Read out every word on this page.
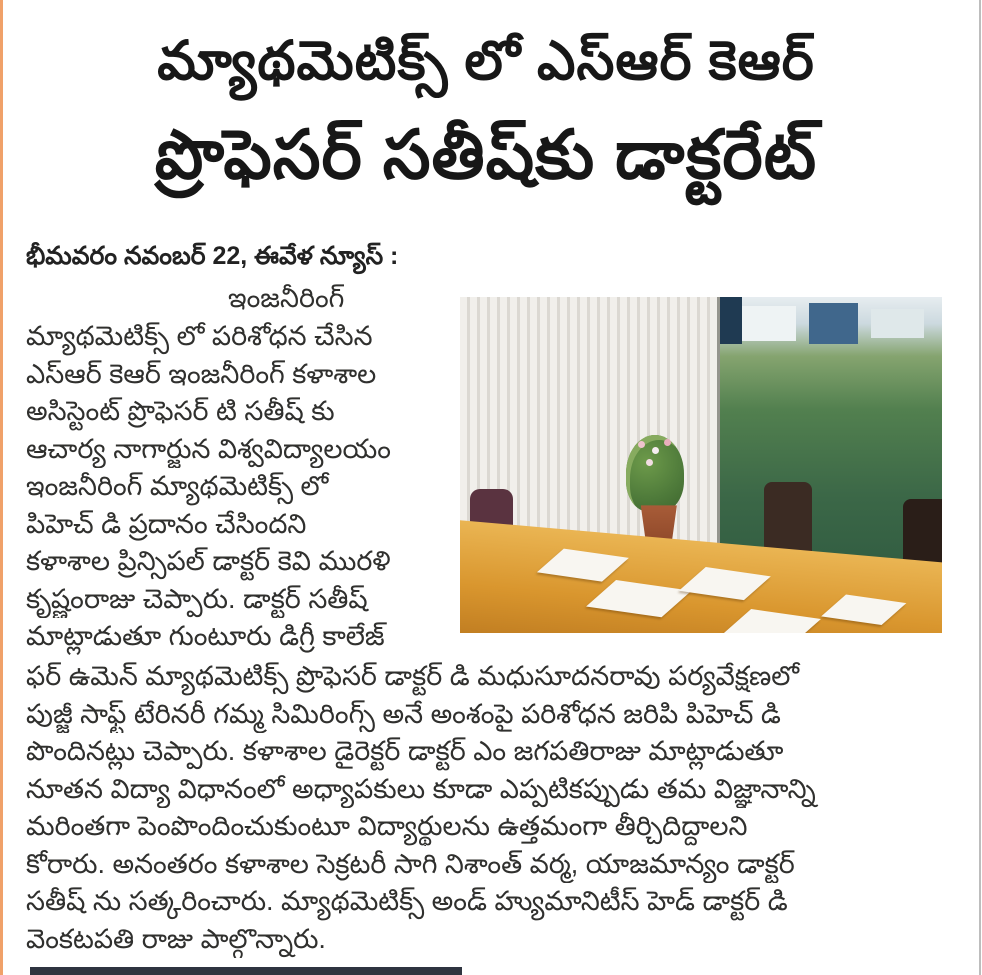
మ్యాథమెటిక్స్ లో ఎస్ఆర్ కెఆర్
ప్రొఫెసర్ సతీష్‌కు డాక్టరేట్
భీమవరం నవంబర్ 22, ఈవేళ న్యూస్ :
ఇంజనీరింగ్
మ్యాథమెటిక్స్ లో పరిశోధన చేసిన
ఎస్ఆర్ కెఆర్ ఇంజనీరింగ్ కళాశాల
అసిస్టెంట్ ప్రొఫెసర్ టి సతీష్ కు
ఆచార్య నాగార్జున విశ్వవిద్యాలయం
ఇంజనీరింగ్ మ్యాథమెటిక్స్ లో
పిహెచ్ డి ప్రదానం చేసిందని
కళాశాల ప్రిన్సిపల్ డాక్టర్ కెవి మురళి
కృష్ణంరాజు చెప్పారు. డాక్టర్ సతీష్
మాట్లాడుతూ గుంటూరు డిగ్రీ కాలేజ్
ఫర్ ఉమెన్ మ్యాథమెటిక్స్ ప్రొఫెసర్ డాక్టర్ డి మధుసూదనరావు పర్యవేక్షణలో
పుజ్జీ సాఫ్ట్ టేరినరీ గమ్మ సిమిరింగ్స్ అనే అంశంపై పరిశోధన జరిపి పిహెచ్ డి
పొందినట్లు చెప్పారు. కళాశాల డైరెక్టర్ డాక్టర్ ఎం జగపతిరాజు మాట్లాడుతూ
నూతన విద్యా విధానంలో అధ్యాపకులు కూడా ఎప్పటికప్పుడు తమ విజ్ఞానాన్ని
మరింతగా పెంపొందించుకుంటూ విద్యార్థులను ఉత్తమంగా తీర్చిదిద్దాలని
కోరారు. అనంతరం కళాశాల సెక్రటరీ సాగి నిశాంత్ వర్మ, యాజమాన్యం డాక్టర్
సతీష్ ను సత్కరించారు. మ్యాథమెటిక్స్ అండ్ హ్యుమానిటీస్ హెడ్ డాక్టర్ డి
వెంకటపతి రాజు పాల్గొన్నారు.
